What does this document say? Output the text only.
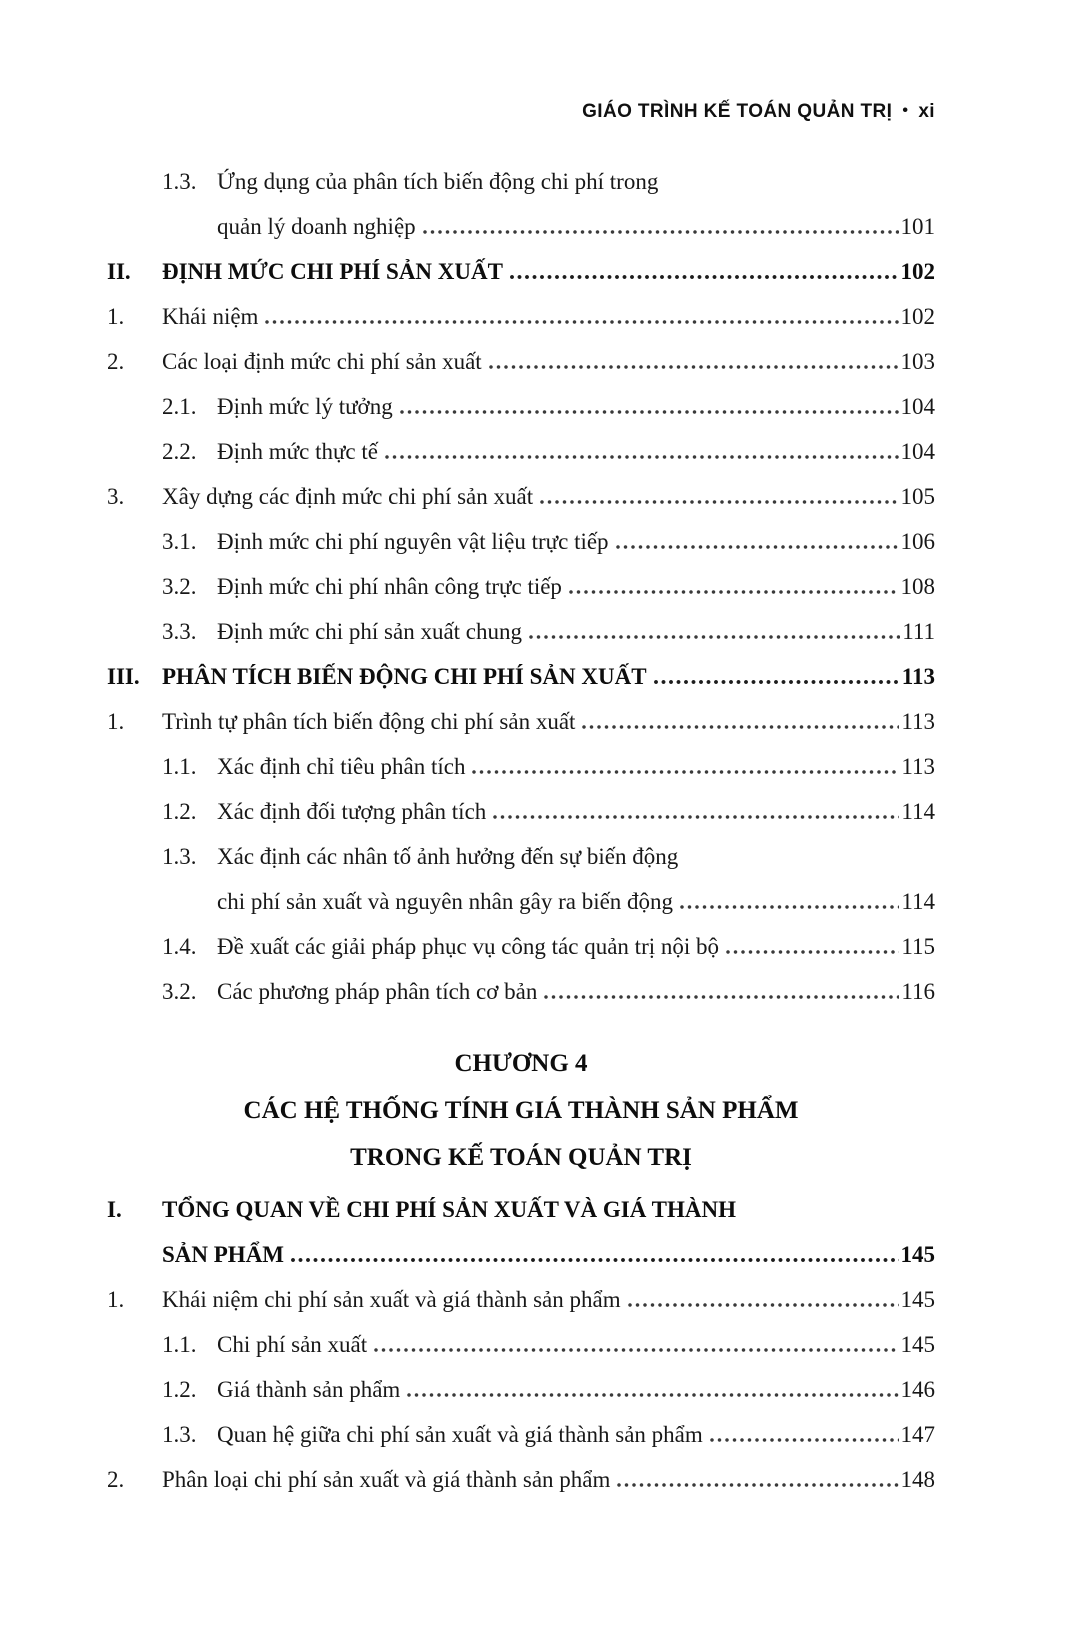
GIÁO TRÌNH KẾ TOÁN QUẢN TRỊ • xi
1.3. Ứng dụng của phân tích biến động chi phí trong
quản lý doanh nghiệp	101
II.	ĐỊNH MỨC CHI PHÍ SẢN XUẤT	102
1.	Khái niệm	102
2.	Các loại định mức chi phí sản xuất	103
2.1. Định mức lý tưởng	104
2.2. Định mức thực tế	104
3.	Xây dựng các định mức chi phí sản xuất	105
3.1. Định mức chi phí nguyên vật liệu trực tiếp	106
3.2. Định mức chi phí nhân công trực tiếp	108
3.3. Định mức chi phí sản xuất chung	111
III. PHÂN TÍCH BIẾN ĐỘNG CHI PHÍ SẢN XUẤT	113
1.	Trình tự phân tích biến động chi phí sản xuất	113
1.1. Xác định chỉ tiêu phân tích	113
1.2. Xác định đối tượng phân tích	114
1.3. Xác định các nhân tố ảnh hưởng đến sự biến động
chi phí sản xuất và nguyên nhân gây ra biến động	114
1.4. Đề xuất các giải pháp phục vụ công tác quản trị nội bộ	115
3.2. Các phương pháp phân tích cơ bản	116
CHƯƠNG 4
CÁC HỆ THỐNG TÍNH GIÁ THÀNH SẢN PHẨM
TRONG KẾ TOÁN QUẢN TRỊ
I.	TỔNG QUAN VỀ CHI PHÍ SẢN XUẤT VÀ GIÁ THÀNH
SẢN PHẨM	145
1.	Khái niệm chi phí sản xuất và giá thành sản phẩm	145
1.1. Chi phí sản xuất	145
1.2. Giá thành sản phẩm	146
1.3. Quan hệ giữa chi phí sản xuất và giá thành sản phẩm	147
2.	Phân loại chi phí sản xuất và giá thành sản phẩm	148
